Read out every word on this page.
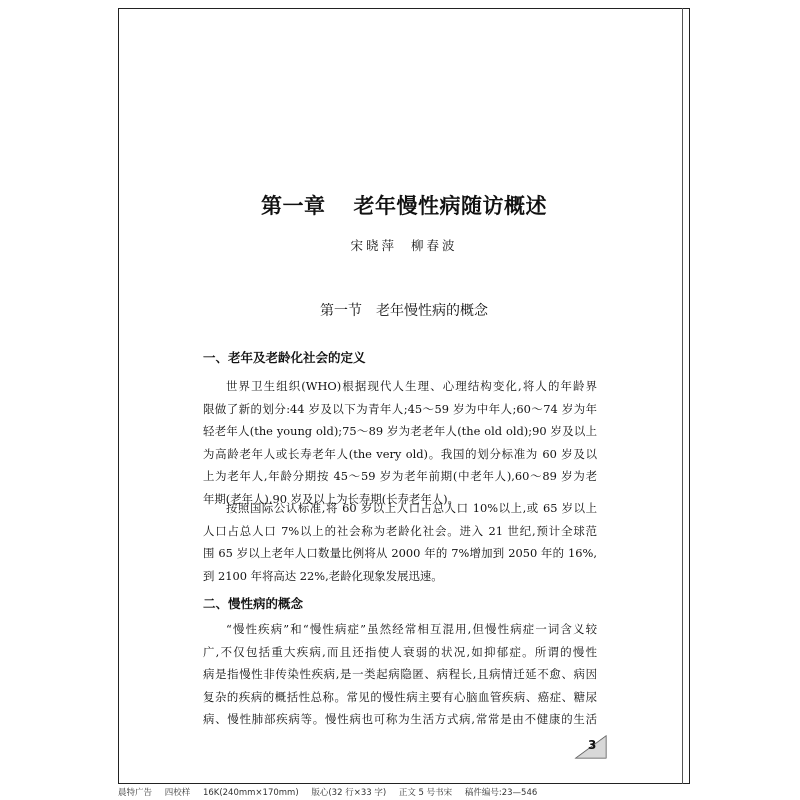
第一章 老年慢性病随访概述
宋晓萍 柳春波
第一节 老年慢性病的概念
一、老年及老龄化社会的定义
世界卫生组织(WHO)根据现代人生理、心理结构变化,将人的年龄界
限做了新的划分:44 岁及以下为青年人;45～59 岁为中年人;60～74 岁为年
轻老年人(the young old);75～89 岁为老老年人(the old old);90 岁及以上
为高龄老年人或长寿老年人(the very old)。我国的划分标准为 60 岁及以
上为老年人,年龄分期按 45～59 岁为老年前期(中老年人),60～89 岁为老
年期(老年人),90 岁及以上为长寿期(长寿老年人)。
按照国际公认标准,将 60 岁以上人口占总人口 10%以上,或 65 岁以上
人口占总人口 7%以上的社会称为老龄化社会。进入 21 世纪,预计全球范
围 65 岁以上老年人口数量比例将从 2000 年的 7%增加到 2050 年的 16%,
到 2100 年将高达 22%,老龄化现象发展迅速。
二、慢性病的概念
“慢性疾病”和“慢性病症”虽然经常相互混用,但慢性病症一词含义较
广,不仅包括重大疾病,而且还指使人衰弱的状况,如抑郁症。所谓的慢性
病是指慢性非传染性疾病,是一类起病隐匿、病程长,且病情迁延不愈、病因
复杂的疾病的概括性总称。常见的慢性病主要有心脑血管疾病、癌症、糖尿
病、慢性肺部疾病等。慢性病也可称为生活方式病,常常是由不健康的生活
3
晨特广告 四校样 16K(240mm×170mm) 版心(32 行×33 字) 正文 5 号书宋 稿件编号:23—546
